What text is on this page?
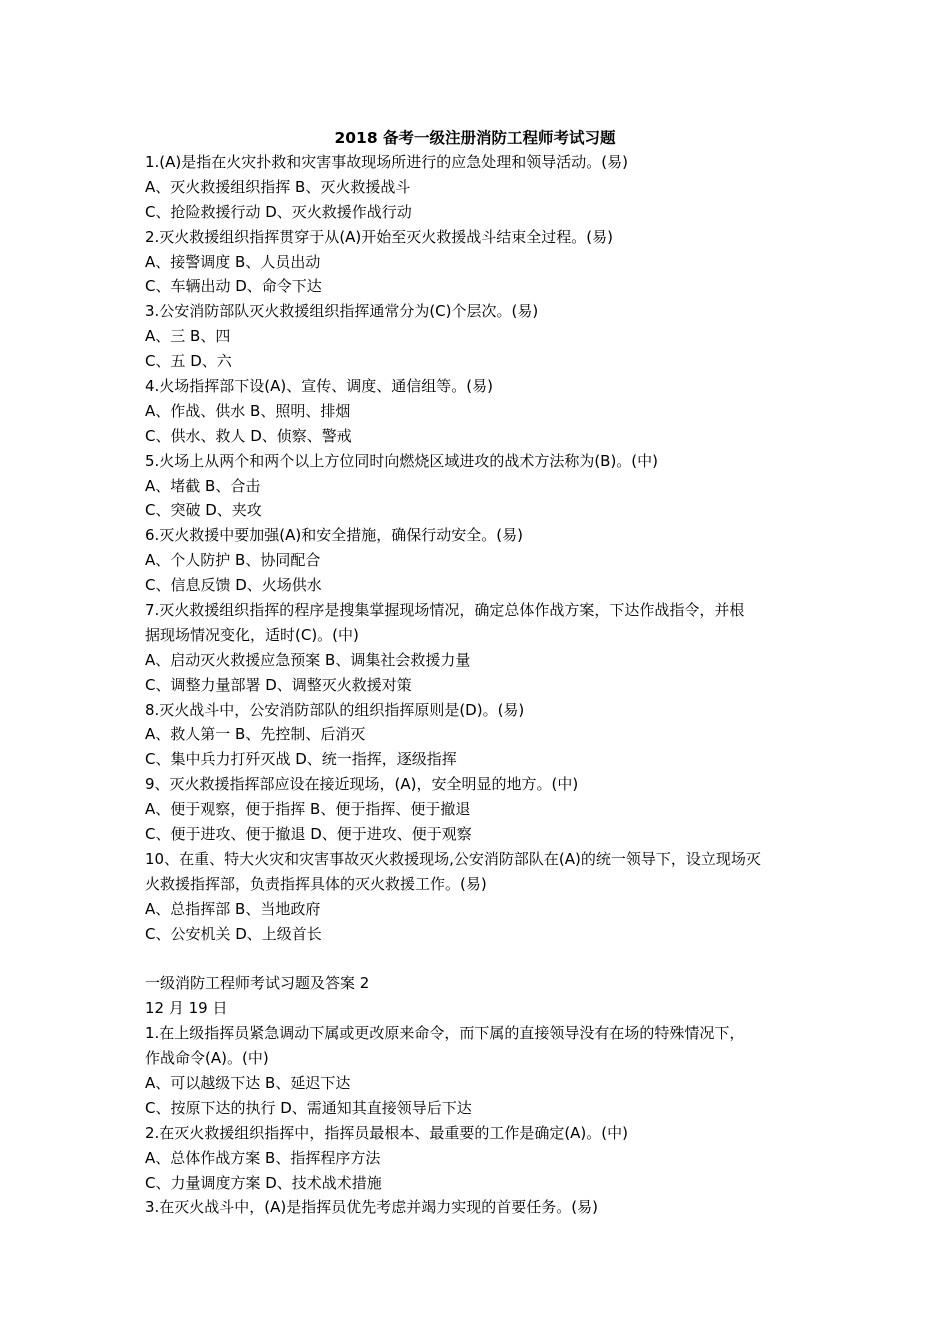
2018 备考一级注册消防工程师考试习题
1.(A)是指在火灾扑救和灾害事故现场所进行的应急处理和领导活动。(易)
A、灭火救援组织指挥 B、灭火救援战斗
C、抢险救援行动 D、灭火救援作战行动
2.灭火救援组织指挥贯穿于从(A)开始至灭火救援战斗结束全过程。(易)
A、接警调度 B、人员出动
C、车辆出动 D、命令下达
3.公安消防部队灭火救援组织指挥通常分为(C)个层次。(易)
A、三 B、四
C、五 D、六
4.火场指挥部下设(A)、宣传、调度、通信组等。(易)
A、作战、供水 B、照明、排烟
C、供水、救人 D、侦察、警戒
5.火场上从两个和两个以上方位同时向燃烧区域进攻的战术方法称为(B)。(中)
A、堵截 B、合击
C、突破 D、夹攻
6.灭火救援中要加强(A)和安全措施，确保行动安全。(易)
A、个人防护 B、协同配合
C、信息反馈 D、火场供水
7.灭火救援组织指挥的程序是搜集掌握现场情况，确定总体作战方案，下达作战指令，并根
据现场情况变化，适时(C)。(中)
A、启动灭火救援应急预案 B、调集社会救援力量
C、调整力量部署 D、调整灭火救援对策
8.灭火战斗中，公安消防部队的组织指挥原则是(D)。(易)
A、救人第一 B、先控制、后消灭
C、集中兵力打歼灭战 D、统一指挥，逐级指挥
9、灭火救援指挥部应设在接近现场，(A)，安全明显的地方。(中)
A、便于观察，便于指挥 B、便于指挥、便于撤退
C、便于进攻、便于撤退 D、便于进攻、便于观察
10、在重、特大火灾和灾害事故灭火救援现场,公安消防部队在(A)的统一领导下，设立现场灭
火救援指挥部，负责指挥具体的灭火救援工作。(易)
A、总指挥部 B、当地政府
C、公安机关 D、上级首长
一级消防工程师考试习题及答案 2
12 月 19 日
1.在上级指挥员紧急调动下属或更改原来命令，而下属的直接领导没有在场的特殊情况下，
作战命令(A)。(中)
A、可以越级下达 B、延迟下达
C、按原下达的执行 D、需通知其直接领导后下达
2.在灭火救援组织指挥中，指挥员最根本、最重要的工作是确定(A)。(中)
A、总体作战方案 B、指挥程序方法
C、力量调度方案 D、技术战术措施
3.在灭火战斗中，(A)是指挥员优先考虑并竭力实现的首要任务。(易)
